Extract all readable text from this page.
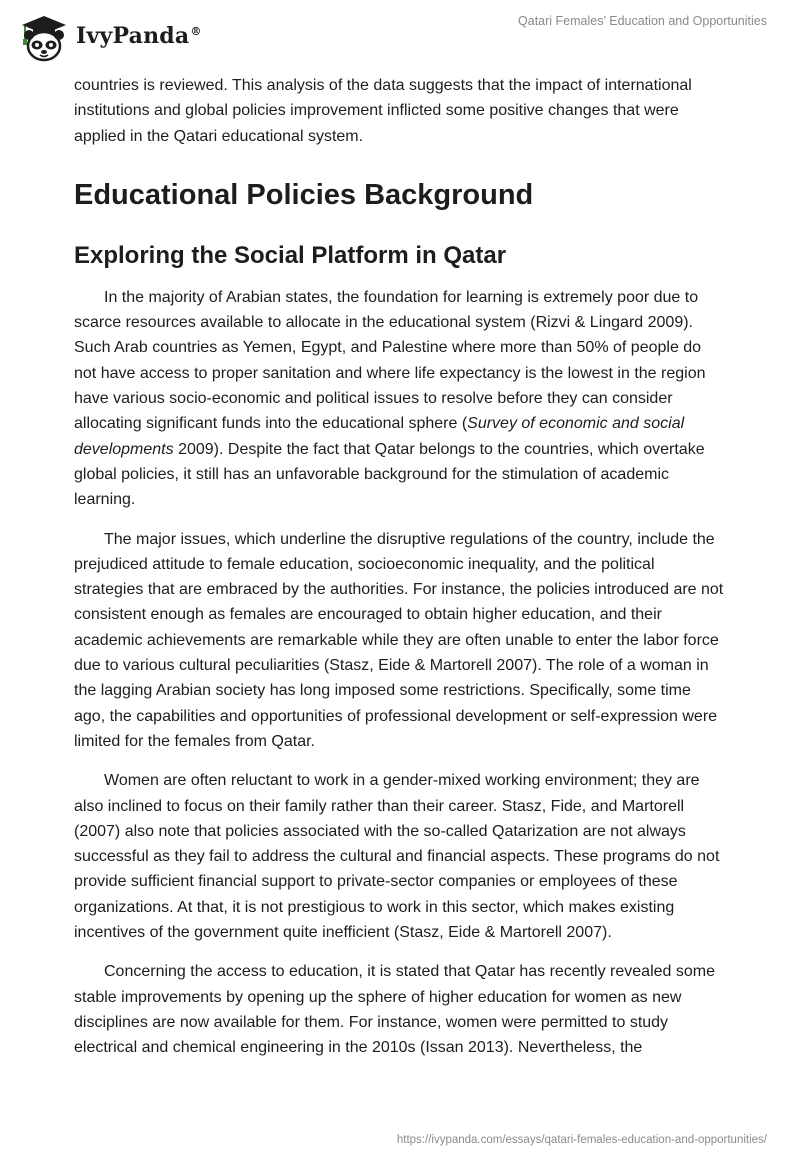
IvyPanda®
Qatari Females’ Education and Opportunities

countries is reviewed. This analysis of the data suggests that the impact of international institutions and global policies improvement inflicted some positive changes that were applied in the Qatari educational system.

Educational Policies Background
Exploring the Social Platform in Qatar

In the majority of Arabian states, the foundation for learning is extremely poor due to scarce resources available to allocate in the educational system (Rizvi & Lingard 2009). Such Arab countries as Yemen, Egypt, and Palestine where more than 50% of people do not have access to proper sanitation and where life expectancy is the lowest in the region have various socio-economic and political issues to resolve before they can consider allocating significant funds into the educational sphere (Survey of economic and social developments 2009). Despite the fact that Qatar belongs to the countries, which overtake global policies, it still has an unfavorable background for the stimulation of academic learning.

The major issues, which underline the disruptive regulations of the country, include the prejudiced attitude to female education, socioeconomic inequality, and the political strategies that are embraced by the authorities. For instance, the policies introduced are not consistent enough as females are encouraged to obtain higher education, and their academic achievements are remarkable while they are often unable to enter the labor force due to various cultural peculiarities (Stasz, Eide & Martorell 2007). The role of a woman in the lagging Arabian society has long imposed some restrictions. Specifically, some time ago, the capabilities and opportunities of professional development or self-expression were limited for the females from Qatar.

Women are often reluctant to work in a gender-mixed working environment; they are also inclined to focus on their family rather than their career. Stasz, Fide, and Martorell (2007) also note that policies associated with the so-called Qatarization are not always successful as they fail to address the cultural and financial aspects. These programs do not provide sufficient financial support to private-sector companies or employees of these organizations. At that, it is not prestigious to work in this sector, which makes existing incentives of the government quite inefficient (Stasz, Eide & Martorell 2007).

Concerning the access to education, it is stated that Qatar has recently revealed some stable improvements by opening up the sphere of higher education for women as new disciplines are now available for them. For instance, women were permitted to study electrical and chemical engineering in the 2010s (Issan 2013). Nevertheless, the

https://ivypanda.com/essays/qatari-females-education-and-opportunities/
